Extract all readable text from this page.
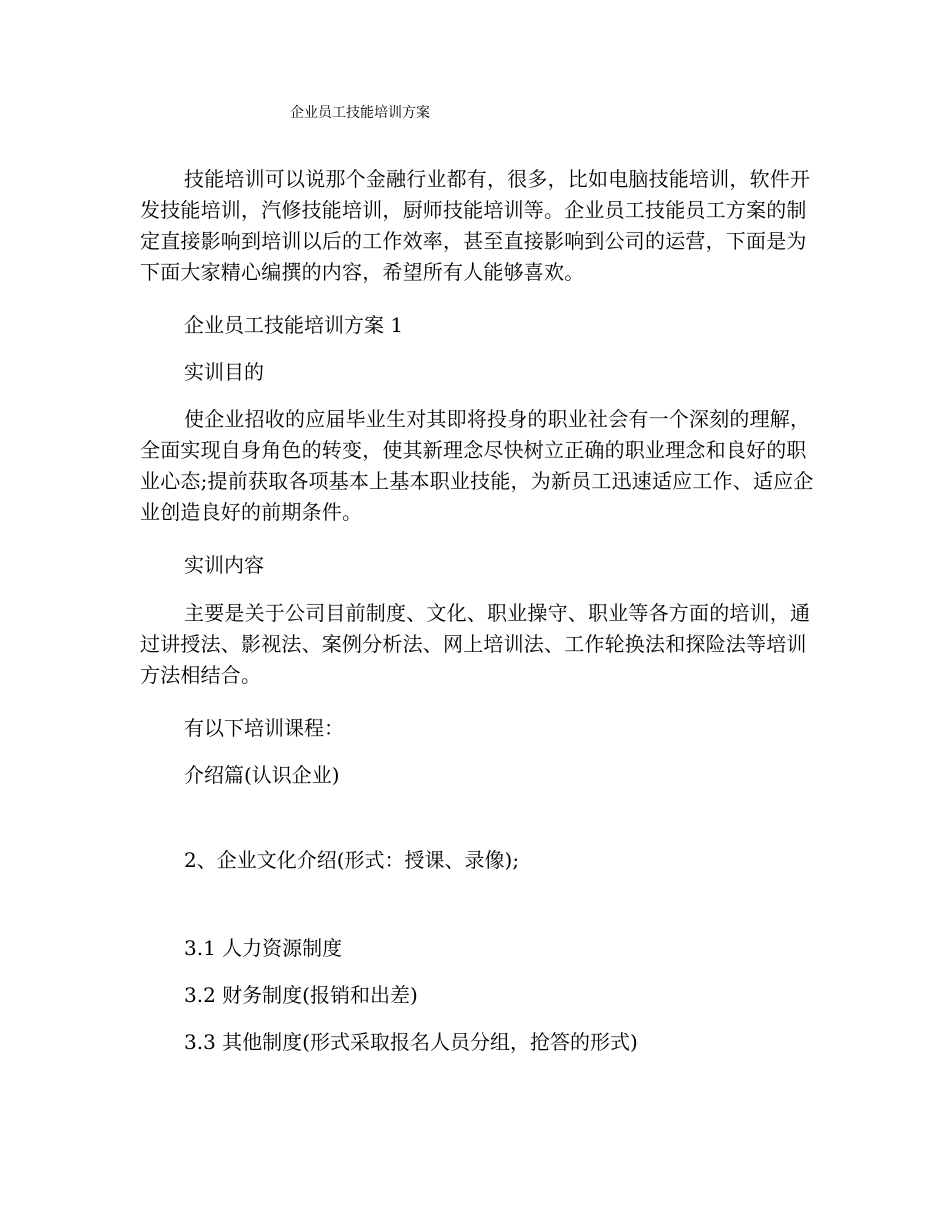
企业员工技能培训方案

技能培训可以说那个金融行业都有，很多，比如电脑技能培训，软件开发技能培训，汽修技能培训，厨师技能培训等。企业员工技能员工方案的制定直接影响到培训以后的工作效率，甚至直接影响到公司的运营，下面是为下面大家精心编撰的内容，希望所有人能够喜欢。

企业员工技能培训方案 1

实训目的

使企业招收的应届毕业生对其即将投身的职业社会有一个深刻的理解，全面实现自身角色的转变，使其新理念尽快树立正确的职业理念和良好的职业心态;提前获取各项基本上基本职业技能，为新员工迅速适应工作、适应企业创造良好的前期条件。

实训内容

主要是关于公司目前制度、文化、职业操守、职业等各方面的培训，通过讲授法、影视法、案例分析法、网上培训法、工作轮换法和探险法等培训方法相结合。

有以下培训课程：

介绍篇(认识企业)

2、企业文化介绍(形式：授课、录像);

3.1 人力资源制度

3.2 财务制度(报销和出差)

3.3 其他制度(形式采取报名人员分组，抢答的形式)
